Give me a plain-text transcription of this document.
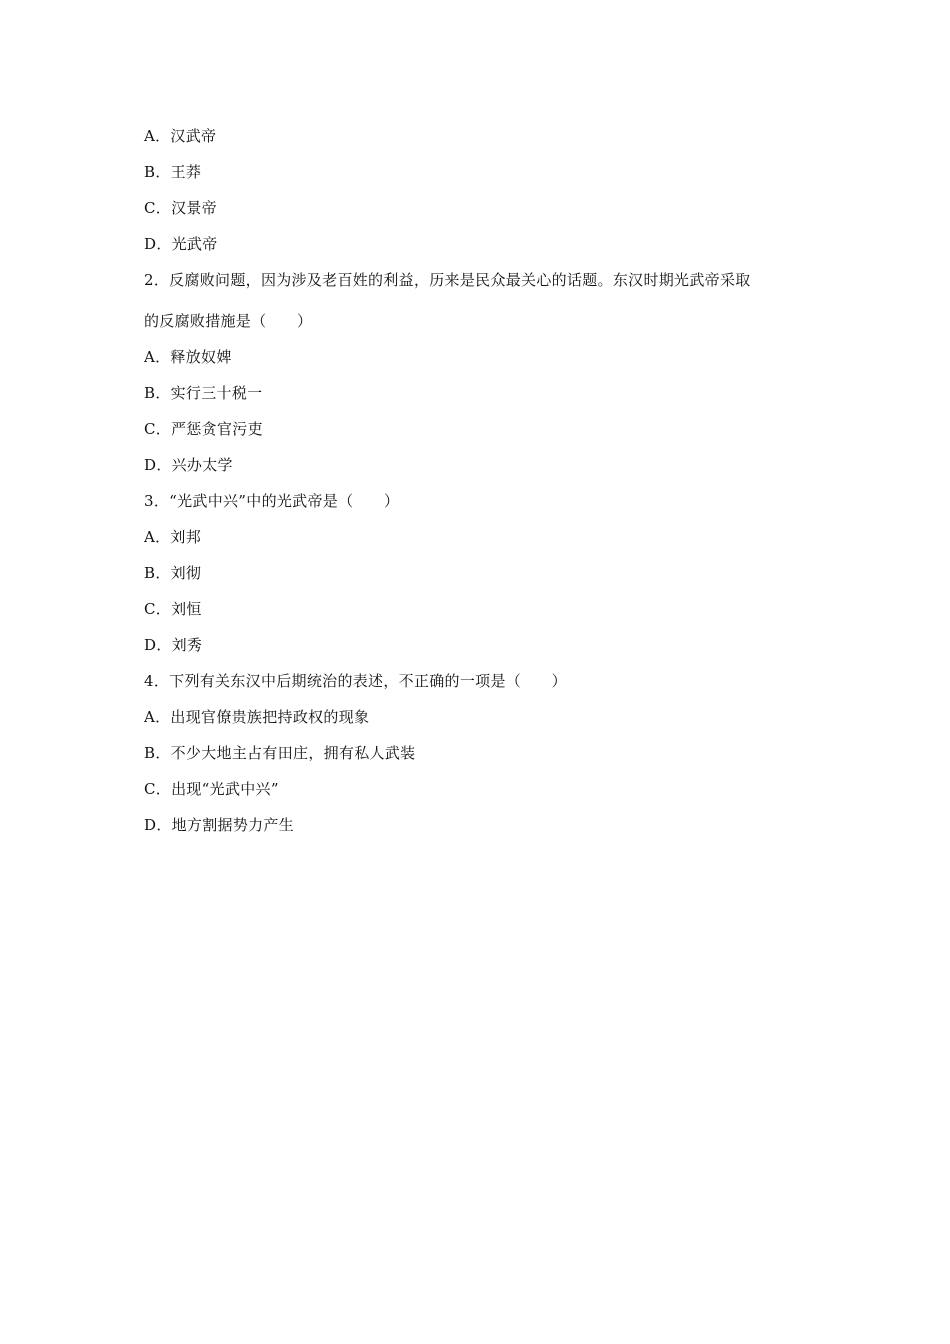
A．汉武帝
B．王莽
C．汉景帝
D．光武帝
2．反腐败问题，因为涉及老百姓的利益，历来是民众最关心的话题。东汉时期光武帝采取
的反腐败措施是（　　）
A．释放奴婢
B．实行三十税一
C．严惩贪官污吏
D．兴办太学
3．“光武中兴”中的光武帝是（　　）
A．刘邦
B．刘彻
C．刘恒
D．刘秀
4．下列有关东汉中后期统治的表述，不正确的一项是（　　）
A．出现官僚贵族把持政权的现象
B．不少大地主占有田庄，拥有私人武装
C．出现“光武中兴”
D．地方割据势力产生
